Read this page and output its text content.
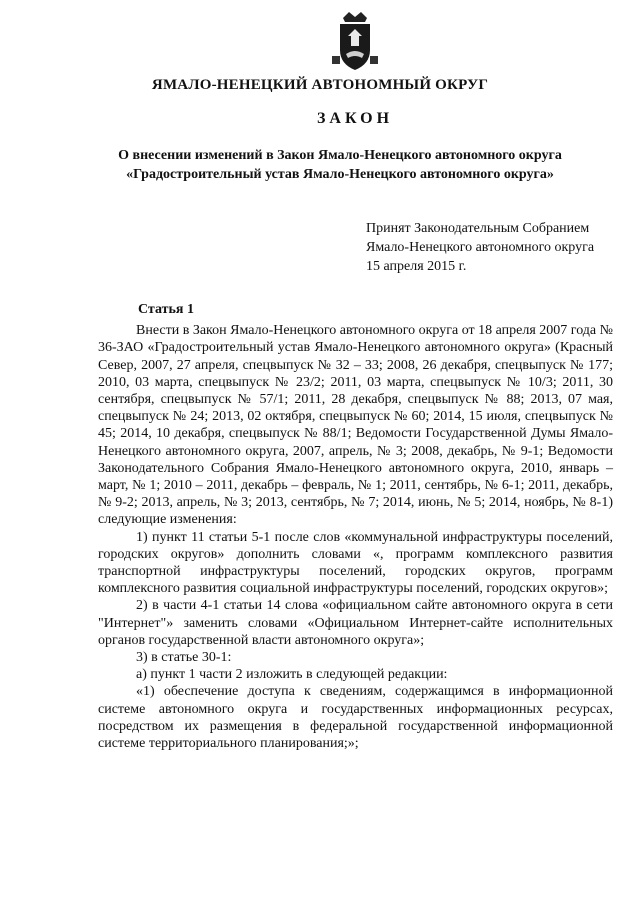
ЯМАЛО-НЕНЕЦКИЙ АВТОНОМНЫЙ ОКРУГ
ЗАКОН
О внесении изменений в Закон Ямало-Ненецкого автономного округа
«Градостроительный устав Ямало-Ненецкого автономного округа»
Принят Законодательным Собранием
Ямало-Ненецкого автономного округа
15 апреля 2015 г.
Статья 1

Внести в Закон Ямало-Ненецкого автономного округа от 18 апреля 2007 года № 36-ЗАО «Градостроительный устав Ямало-Ненецкого автономного округа» (Красный Север, 2007, 27 апреля, спецвыпуск № 32 – 33; 2008, 26 декабря, спецвыпуск № 177; 2010, 03 марта, спецвыпуск № 23/2; 2011, 03 марта, спецвыпуск № 10/3; 2011, 30 сентября, спецвыпуск № 57/1; 2011, 28 декабря, спецвыпуск № 88; 2013, 07 мая, спецвыпуск № 24; 2013, 02 октября, спецвыпуск № 60; 2014, 15 июля, спецвыпуск № 45; 2014, 10 декабря, спецвыпуск № 88/1; Ведомости Государственной Думы Ямало-Ненецкого автономного округа, 2007, апрель, № 3; 2008, декабрь, № 9-1; Ведомости Законодательного Собрания Ямало-Ненецкого автономного округа, 2010, январь – март, № 1; 2010 – 2011, декабрь – февраль, № 1; 2011, сентябрь, № 6-1; 2011, декабрь, № 9-2; 2013, апрель, № 3; 2013, сентябрь, № 7; 2014, июнь, № 5; 2014, ноябрь, № 8-1) следующие изменения:

1) пункт 11 статьи 5-1 после слов «коммунальной инфраструктуры поселений, городских округов» дополнить словами «, программ комплексного развития транспортной инфраструктуры поселений, городских округов, программ комплексного развития социальной инфраструктуры поселений, городских округов»;

2) в части 4-1 статьи 14 слова «официальном сайте автономного округа в сети "Интернет"» заменить словами «Официальном Интернет-сайте исполнительных органов государственной власти автономного округа»;

3) в статье 30-1:

а) пункт 1 части 2 изложить в следующей редакции:

«1) обеспечение доступа к сведениям, содержащимся в информационной системе автономного округа и государственных информационных ресурсах, посредством их размещения в федеральной государственной информационной системе территориального планирования;»;
